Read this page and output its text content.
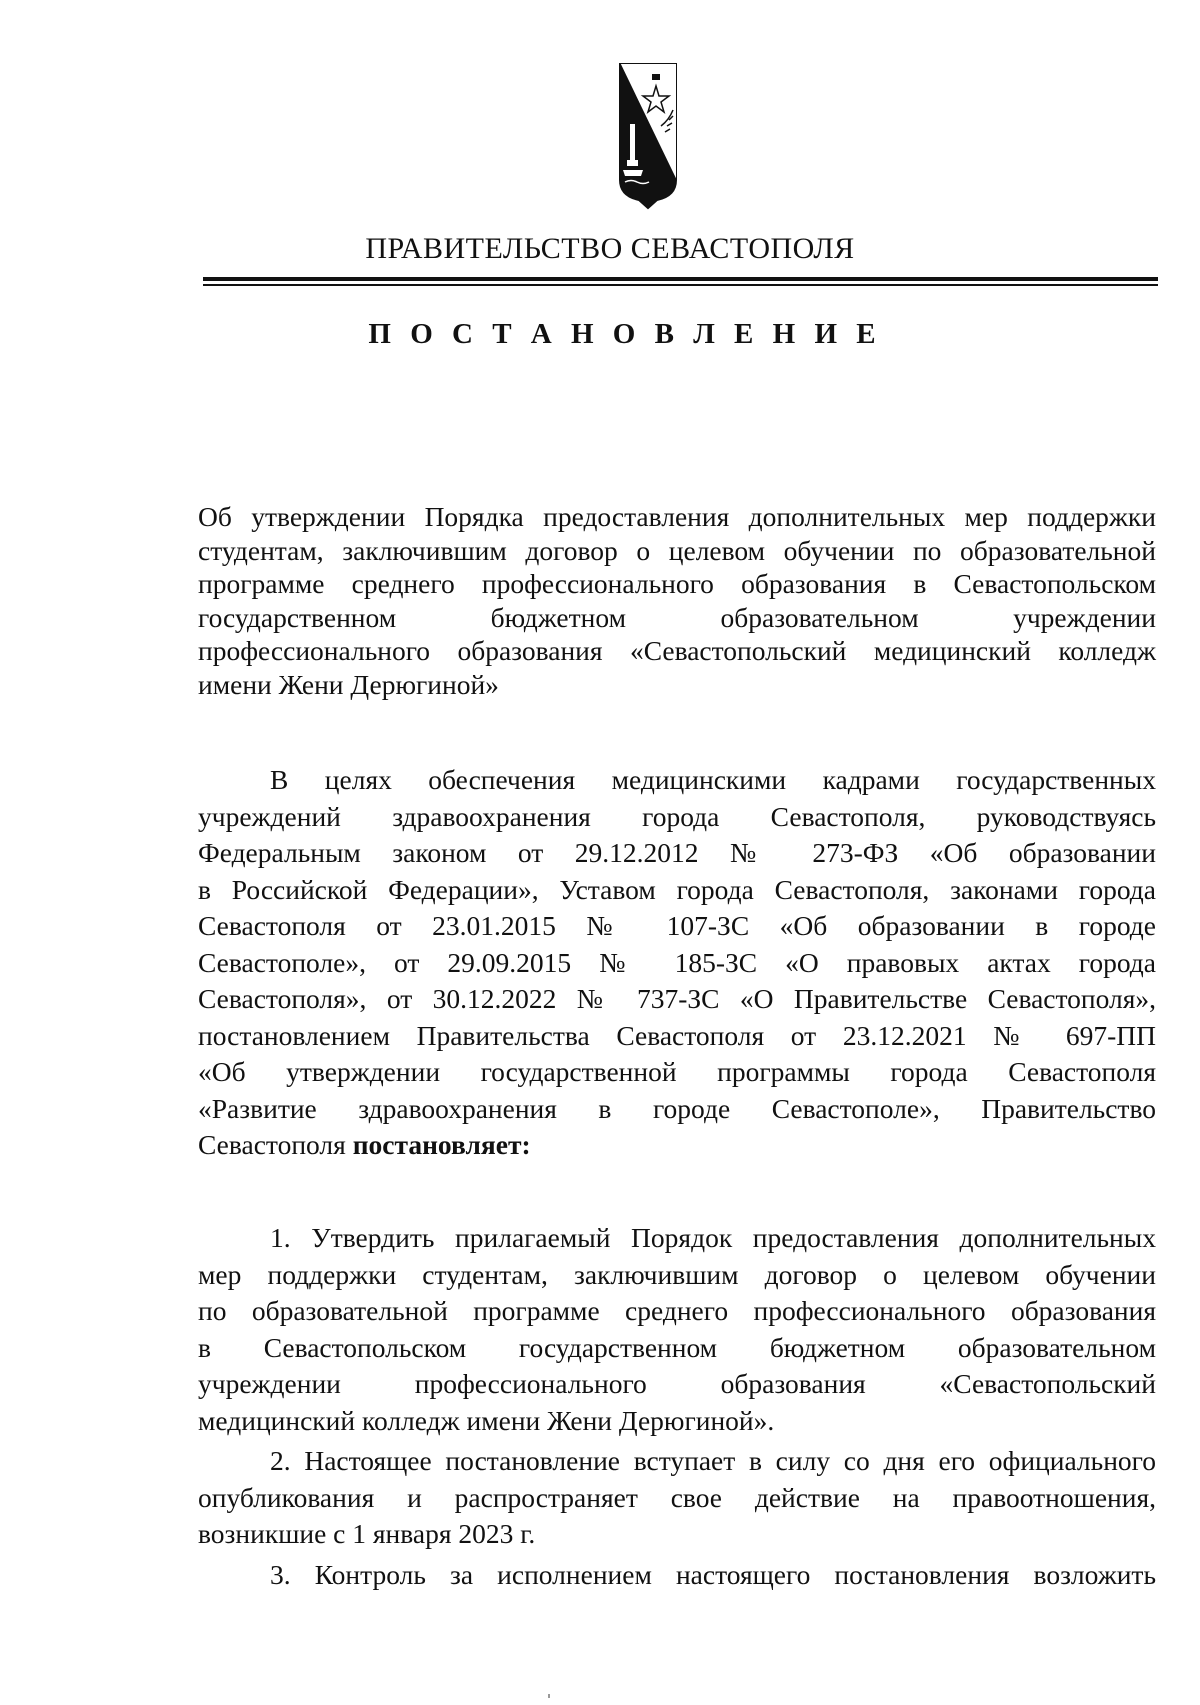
ПРАВИТЕЛЬСТВО СЕВАСТОПОЛЯ
П О С Т А Н О В Л Е Н И Е
Об утверждении Порядка предоставления дополнительных мер поддержки
студентам, заключившим договор о целевом обучении по образовательной
программе среднего профессионального образования в Севастопольском
государственном бюджетном образовательном учреждении
профессионального образования «Севастопольский медицинский колледж
имени Жени Дерюгиной»
В целях обеспечения медицинскими кадрами государственных
учреждений здравоохранения города Севастополя, руководствуясь
Федеральным законом от 29.12.2012 № 273-ФЗ «Об образовании
в Российской Федерации», Уставом города Севастополя, законами города
Севастополя от 23.01.2015 № 107-ЗС «Об образовании в городе
Севастополе», от 29.09.2015 № 185-ЗС «О правовых актах города
Севастополя», от 30.12.2022 № 737-ЗС «О Правительстве Севастополя»,
постановлением Правительства Севастополя от 23.12.2021 № 697-ПП
«Об утверждении государственной программы города Севастополя
«Развитие здравоохранения в городе Севастополе», Правительство
Севастополя постановляет:
1. Утвердить прилагаемый Порядок предоставления дополнительных
мер поддержки студентам, заключившим договор о целевом обучении
по образовательной программе среднего профессионального образования
в Севастопольском государственном бюджетном образовательном
учреждении профессионального образования «Севастопольский
медицинский колледж имени Жени Дерюгиной».
2. Настоящее постановление вступает в силу со дня его официального
опубликования и распространяет свое действие на правоотношения,
возникшие с 1 января 2023 г.
3. Контроль за исполнением настоящего постановления возложить
